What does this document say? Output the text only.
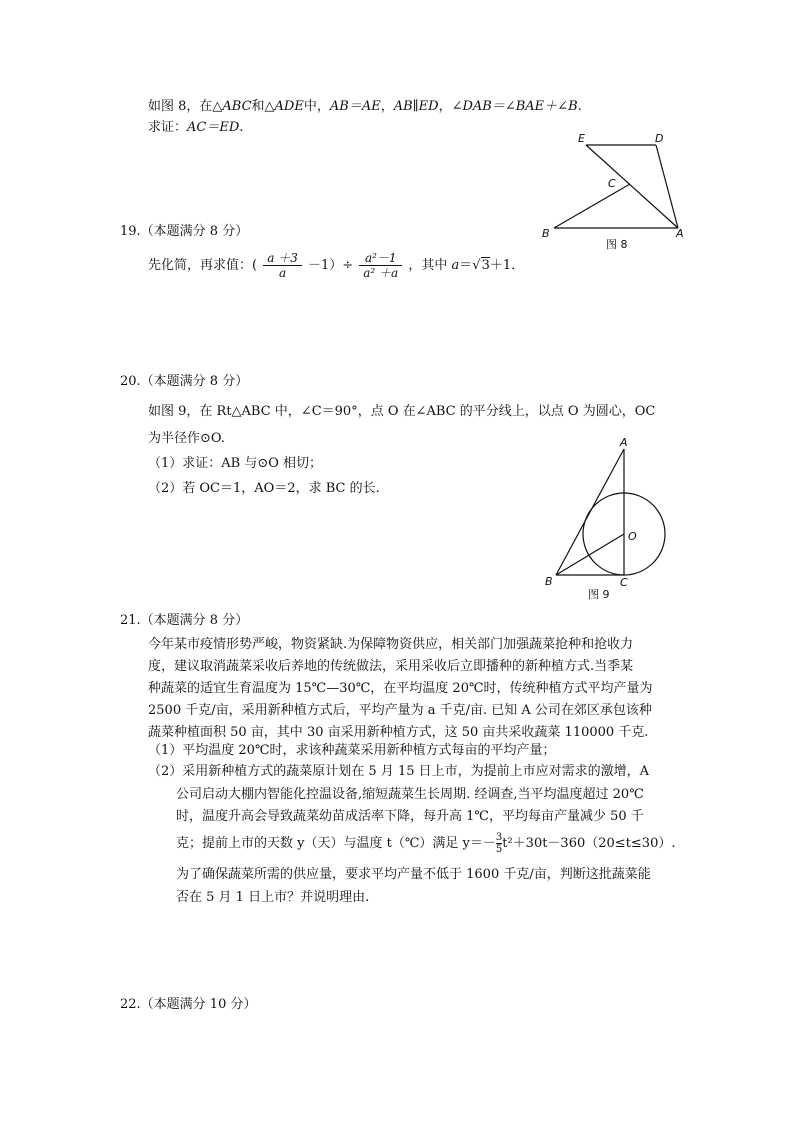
如图 8，在△ABC和△ADE中，AB＝AE，AB∥ED，∠DAB＝∠BAE＋∠B.
求证：AC＝ED.
E	D
C
B	A
图 8
19.（本题满分 8 分）
先化简，再求值：( $\frac{a +3}{a} -1)\div \frac{\text{a²－1}}{\text{a² ＋a}}$ ，其中 a＝√3＋1．
20.（本题满分 8 分）
如图 9，在 Rt△ABC 中，∠C＝90°，点 O 在∠ABC 的平分线上，以点 O 为圆心，OC
为半径作⊙O.
（1）求证：AB 与⊙O 相切；
（2）若 OC＝1，AO＝2，求 BC 的长.
A
O
B	C
图 9
21.（本题满分 8 分）
今年某市疫情形势严峻，物资紧缺.为保障物资供应，相关部门加强蔬菜抢种和抢收力
度，建议取消蔬菜采收后养地的传统做法，采用采收后立即播种的新种植方式.当季某
种蔬菜的适宜生育温度为 15℃—30℃，在平均温度 20℃时，传统种植方式平均产量为
2500 千克/亩，采用新种植方式后，平均产量为 a 千克/亩. 已知 A 公司在郊区承包该种
蔬菜种植面积 50 亩，其中 30 亩采用新种植方式，这 50 亩共采收蔬菜 110000 千克.
（1）平均温度 20℃时，求该种蔬菜采用新种植方式每亩的平均产量；
（2）采用新种植方式的蔬菜原计划在 5 月 15 日上市，为提前上市应对需求的激增，A
公司启动大棚内智能化控温设备,缩短蔬菜生长周期. 经调查,当平均温度超过 20℃
时，温度升高会导致蔬菜幼苗成活率下降，每升高 1℃，平均每亩产量减少 50 千
克；提前上市的天数 y（天）与温度 t（℃）满足 $y=- \frac{3}{5} t^2+30t-360(20\le t\le 30)$.
为了确保蔬菜所需的供应量，要求平均产量不低于 1600 千克/亩，判断这批蔬菜能
否在 5 月 1 日上市？并说明理由.
22.（本题满分 10 分）
